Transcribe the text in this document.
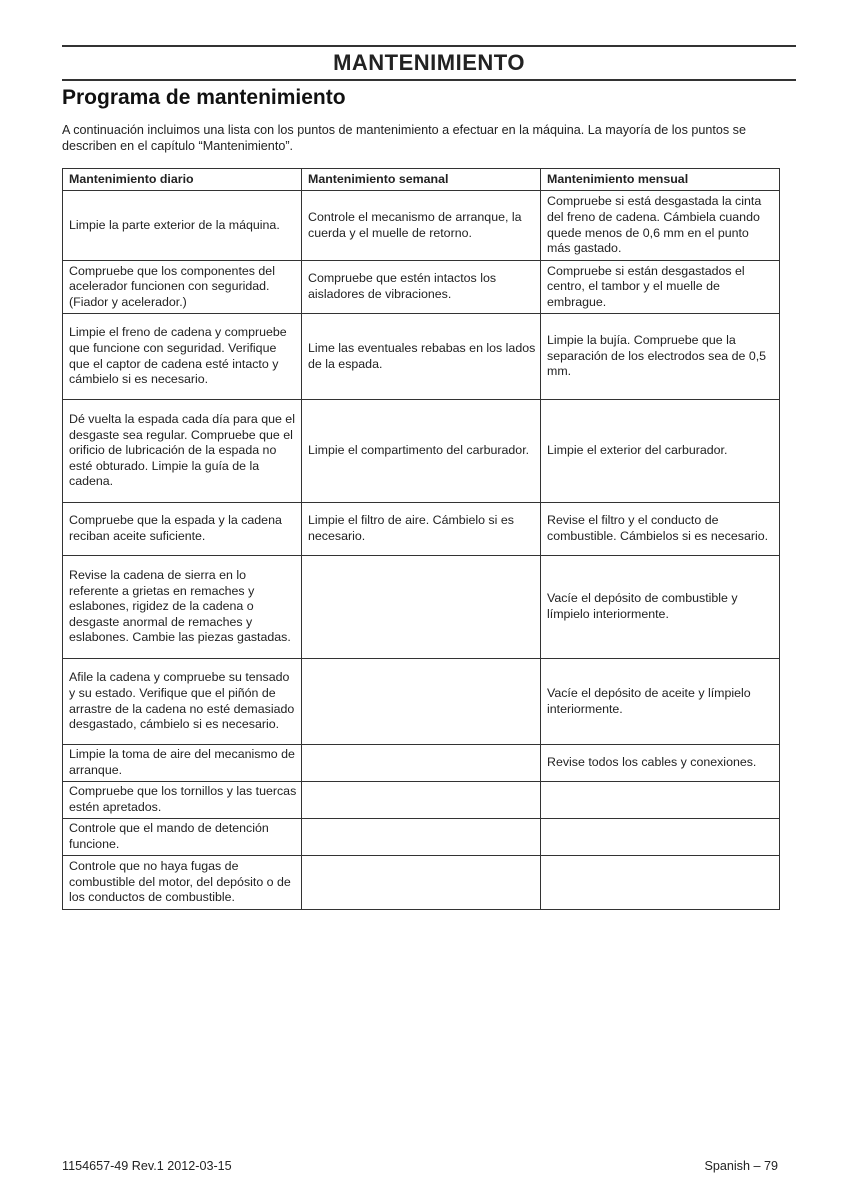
MANTENIMIENTO
Programa de mantenimiento
A continuación incluimos una lista con los puntos de mantenimiento a efectuar en la máquina. La mayoría de los puntos se describen en el capítulo “Mantenimiento”.
Mantenimiento diario	Mantenimiento semanal	Mantenimiento mensual
Limpie la parte exterior de la máquina.	Controle el mecanismo de arranque, la cuerda y el muelle de retorno.	Compruebe si está desgastada la cinta del freno de cadena. Cámbiela cuando quede menos de 0,6 mm en el punto más gastado.
Compruebe que los componentes del acelerador funcionen con seguridad. (Fiador y acelerador.)	Compruebe que estén intactos los aisladores de vibraciones.	Compruebe si están desgastados el centro, el tambor y el muelle de embrague.
Limpie el freno de cadena y compruebe que funcione con seguridad. Verifique que el captor de cadena esté intacto y cámbielo si es necesario.	Lime las eventuales rebabas en los lados de la espada.	Limpie la bujía. Compruebe que la separación de los electrodos sea de 0,5 mm.
Dé vuelta la espada cada día para que el desgaste sea regular. Compruebe que el orificio de lubricación de la espada no esté obturado. Limpie la guía de la cadena.	Limpie el compartimento del carburador.	Limpie el exterior del carburador.
Compruebe que la espada y la cadena reciban aceite suficiente.	Limpie el filtro de aire. Cámbielo si es necesario.	Revise el filtro y el conducto de combustible. Cámbielos si es necesario.
Revise la cadena de sierra en lo referente a grietas en remaches y eslabones, rigidez de la cadena o desgaste anormal de remaches y eslabones. Cambie las piezas gastadas.		Vacíe el depósito de combustible y límpielo interiormente.
Afile la cadena y compruebe su tensado y su estado. Verifique que el piñón de arrastre de la cadena no esté demasiado desgastado, cámbielo si es necesario.		Vacíe el depósito de aceite y límpielo interiormente.
Limpie la toma de aire del mecanismo de arranque.		Revise todos los cables y conexiones.
Compruebe que los tornillos y las tuercas estén apretados.		
Controle que el mando de detención funcione.		
Controle que no haya fugas de combustible del motor, del depósito o de los conductos de combustible.		
1154657-49 Rev.1 2012-03-15	Spanish – 79
